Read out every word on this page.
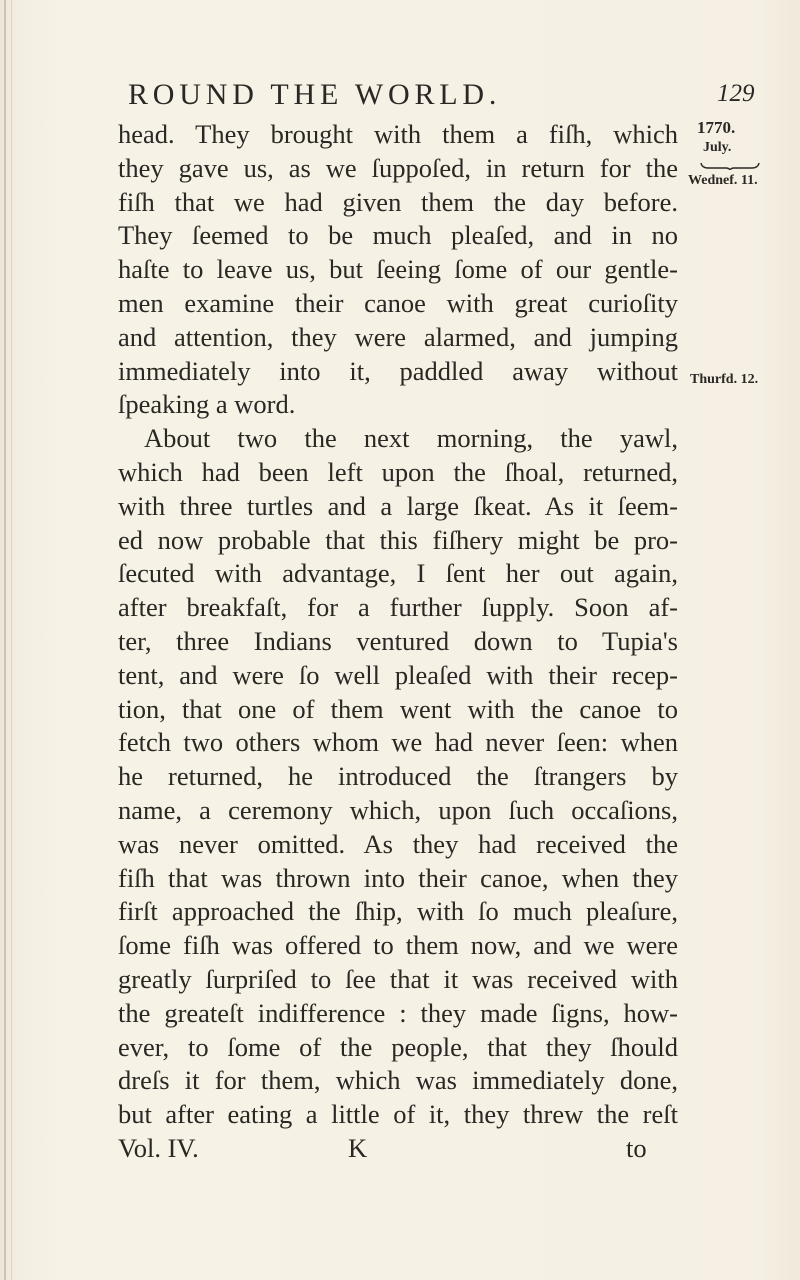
ROUND THE WORLD.	129
1770.
July.
Wednef. 11.
Thurfd. 12.
head. They brought with them a fiſh, which
they gave us, as we ſuppoſed, in return for the
fiſh that we had given them the day before.
They ſeemed to be much pleaſed, and in no
haſte to leave us, but ſeeing ſome of our gentle-
men examine their canoe with great curioſity
and attention, they were alarmed, and jumping
immediately into it, paddled away without
ſpeaking a word.
About two the next morning, the yawl,
which had been left upon the ſhoal, returned,
with three turtles and a large ſkeat. As it ſeem-
ed now probable that this fiſhery might be pro-
ſecuted with advantage, I ſent her out again,
after breakfaſt, for a further ſupply. Soon af-
ter, three Indians ventured down to Tupia's
tent, and were ſo well pleaſed with their recep-
tion, that one of them went with the canoe to
fetch two others whom we had never ſeen: when
he returned, he introduced the ſtrangers by
name, a ceremony which, upon ſuch occaſions,
was never omitted. As they had received the
fiſh that was thrown into their canoe, when they
firſt approached the ſhip, with ſo much pleaſure,
ſome fiſh was offered to them now, and we were
greatly ſurpriſed to ſee that it was received with
the greateſt indifference : they made ſigns, how-
ever, to ſome of the people, that they ſhould
dreſs it for them, which was immediately done,
but after eating a little of it, they threw the reſt
Vol. IV.	K	to
